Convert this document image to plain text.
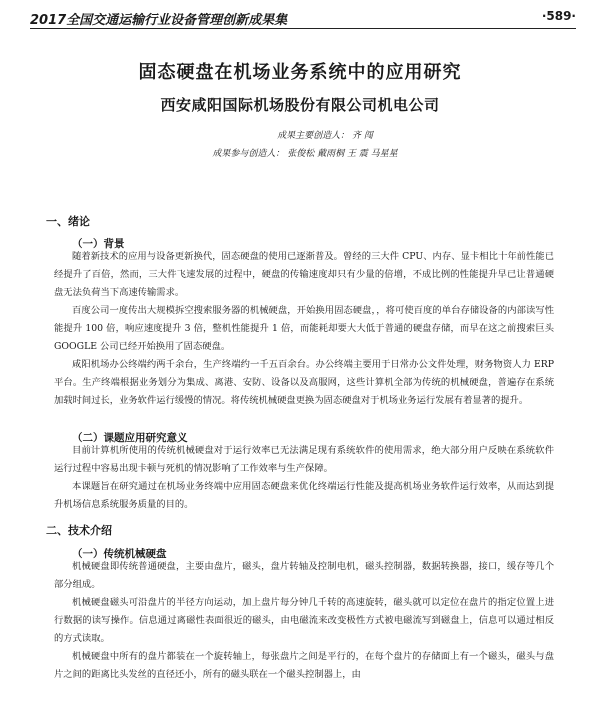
2017全国交通运输行业设备管理创新成果集	·589·
固态硬盘在机场业务系统中的应用研究
西安咸阳国际机场股份有限公司机电公司
成果主要创造人： 齐 闯
成果参与创造人： 张俊松 戴雨桐 王 震 马星星
一、绪论
（一）背景

随着新技术的应用与设备更新换代，固态硬盘的使用已逐渐普及。曾经的三大件 CPU、内存、显卡相比十年前性能已经提升了百倍，然而，三大件飞速发展的过程中，硬盘的传输速度却只有少量的倍增，不成比例的性能提升早已让普通硬盘无法负荷当下高速传输需求。

百度公司一度传出大规模拆空搜索服务器的机械硬盘，开始换用固态硬盘，，将可使百度的单台存储设备的内部读写性能提升 100 倍，响应速度提升 3 倍，整机性能提升 1 倍，而能耗却要大大低于普通的硬盘存储，而早在这之前搜索巨头 GOOGLE 公司已经开始换用了固态硬盘。

咸阳机场办公终端约两千余台，生产终端约一千五百余台。办公终端主要用于日常办公文件处理，财务物资人力 ERP 平台。生产终端根据业务划分为集成、离港、安防、设备以及高服网，这些计算机全部为传统的机械硬盘，普遍存在系统加载时间过长，业务软件运行缓慢的情况。将传统机械硬盘更换为固态硬盘对于机场业务运行发展有着显著的提升。

（二）课题应用研究意义

目前计算机所使用的传统机械硬盘对于运行效率已无法满足现有系统软件的使用需求，绝大部分用户反映在系统软件运行过程中容易出现卡顿与死机的情况影响了工作效率与生产保障。

本课题旨在研究通过在机场业务终端中应用固态硬盘来优化终端运行性能及提高机场业务软件运行效率，从而达到提升机场信息系统服务质量的目的。

二、技术介绍
（一）传统机械硬盘

机械硬盘即传统普通硬盘，主要由盘片，磁头，盘片转轴及控制电机，磁头控制器，数据转换器，接口，缓存等几个部分组成。

机械硬盘磁头可沿盘片的半径方向运动，加上盘片每分钟几千转的高速旋转，磁头就可以定位在盘片的指定位置上进行数据的读写操作。信息通过离磁性表面很近的磁头，由电磁流来改变极性方式被电磁流写到磁盘上，信息可以通过相反的方式读取。

机械硬盘中所有的盘片都装在一个旋转轴上，每张盘片之间是平行的，在每个盘片的存储面上有一个磁头，磁头与盘片之间的距离比头发丝的直径还小，所有的磁头联在一个磁头控制器上，由
